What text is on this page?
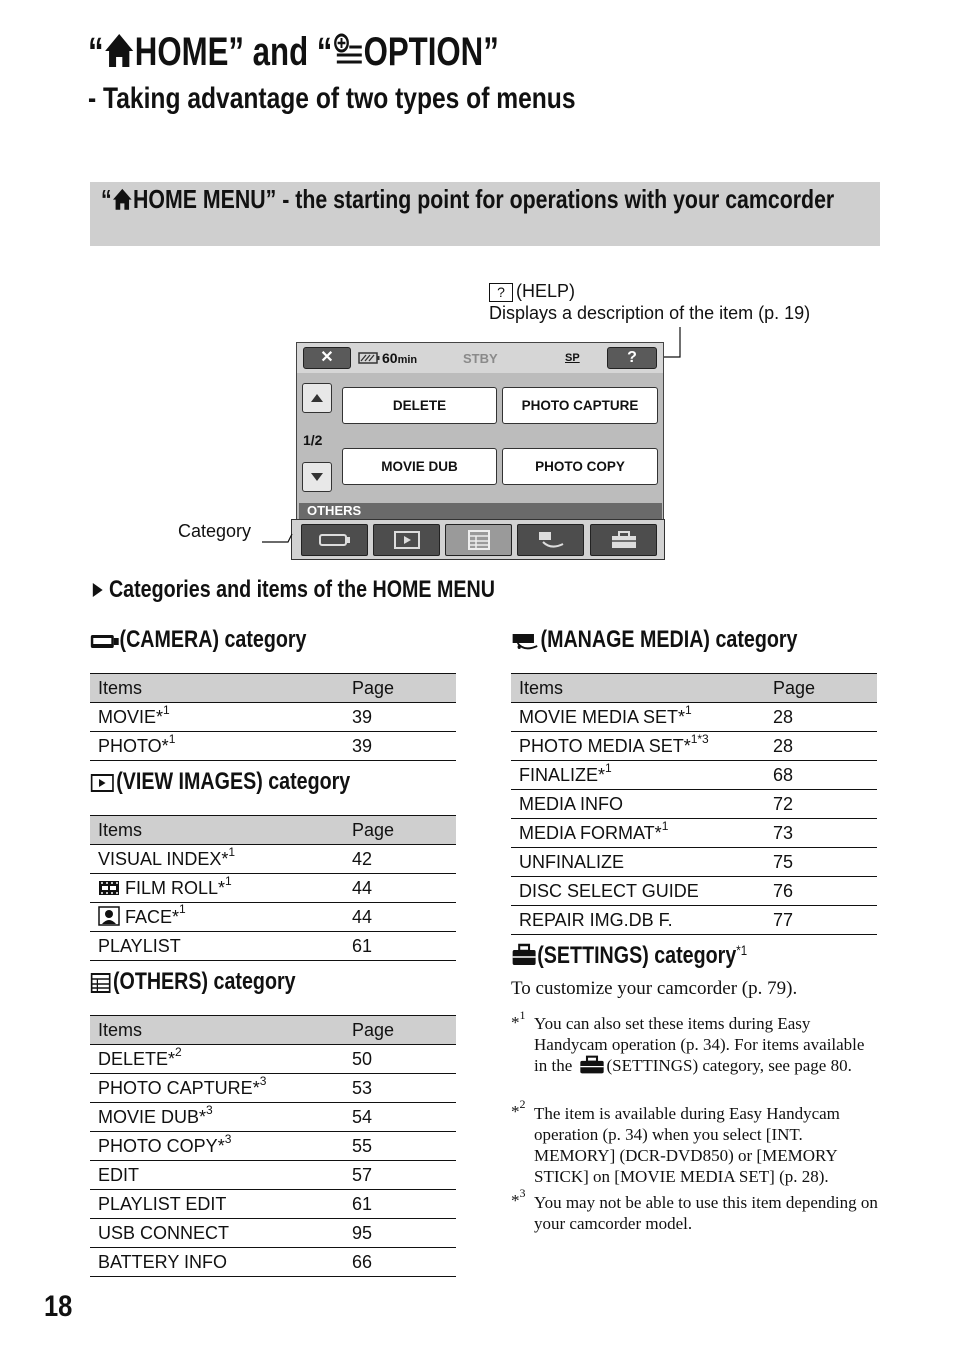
“ HOME” and “ OPTION”
- Taking advantage of two types of menus
“ HOME MENU” - the starting point for operations with your camcorder
? (HELP)
Displays a description of the item (p. 19)
✕	60min	STBY	SP	?
1/2
DELETE	PHOTO CAPTURE
MOVIE DUB	PHOTO COPY
OTHERS
Category
Categories and items of the HOME MENU
(CAMERA) category
Items	Page
MOVIE*$^1$	39
PHOTO*$^1$	39
(VIEW IMAGES) category
Items	Page
VISUAL INDEX*$^1$	42
FILM ROLL*$^1$	44
FACE*$^1$	44
PLAYLIST	61
(OTHERS) category
Items	Page
DELETE*$^2$	50
PHOTO CAPTURE*$^3$	53
MOVIE DUB*$^3$	54
PHOTO COPY*$^3$	55
EDIT	57
PLAYLIST EDIT	61
USB CONNECT	95
BATTERY INFO	66
(MANAGE MEDIA) category
Items	Page
MOVIE MEDIA SET*$^1$	28
PHOTO MEDIA SET*$^{1*3}$	28
FINALIZE*$^1$	68
MEDIA INFO	72
MEDIA FORMAT*$^1$	73
UNFINALIZE	75
DISC SELECT GUIDE	76
REPAIR IMG.DB F.	77
(SETTINGS) category$^{*1}$
To customize your camcorder (p. 79).
*$^1$ You can also set these items during Easy Handycam operation (p. 34). For items available in the (SETTINGS) category, see page 80.
*$^2$ The item is available during Easy Handycam operation (p. 34) when you select [INT. MEMORY] (DCR-DVD850) or [MEMORY STICK] on [MOVIE MEDIA SET] (p. 28).
*$^3$ You may not be able to use this item depending on your camcorder model.
18
